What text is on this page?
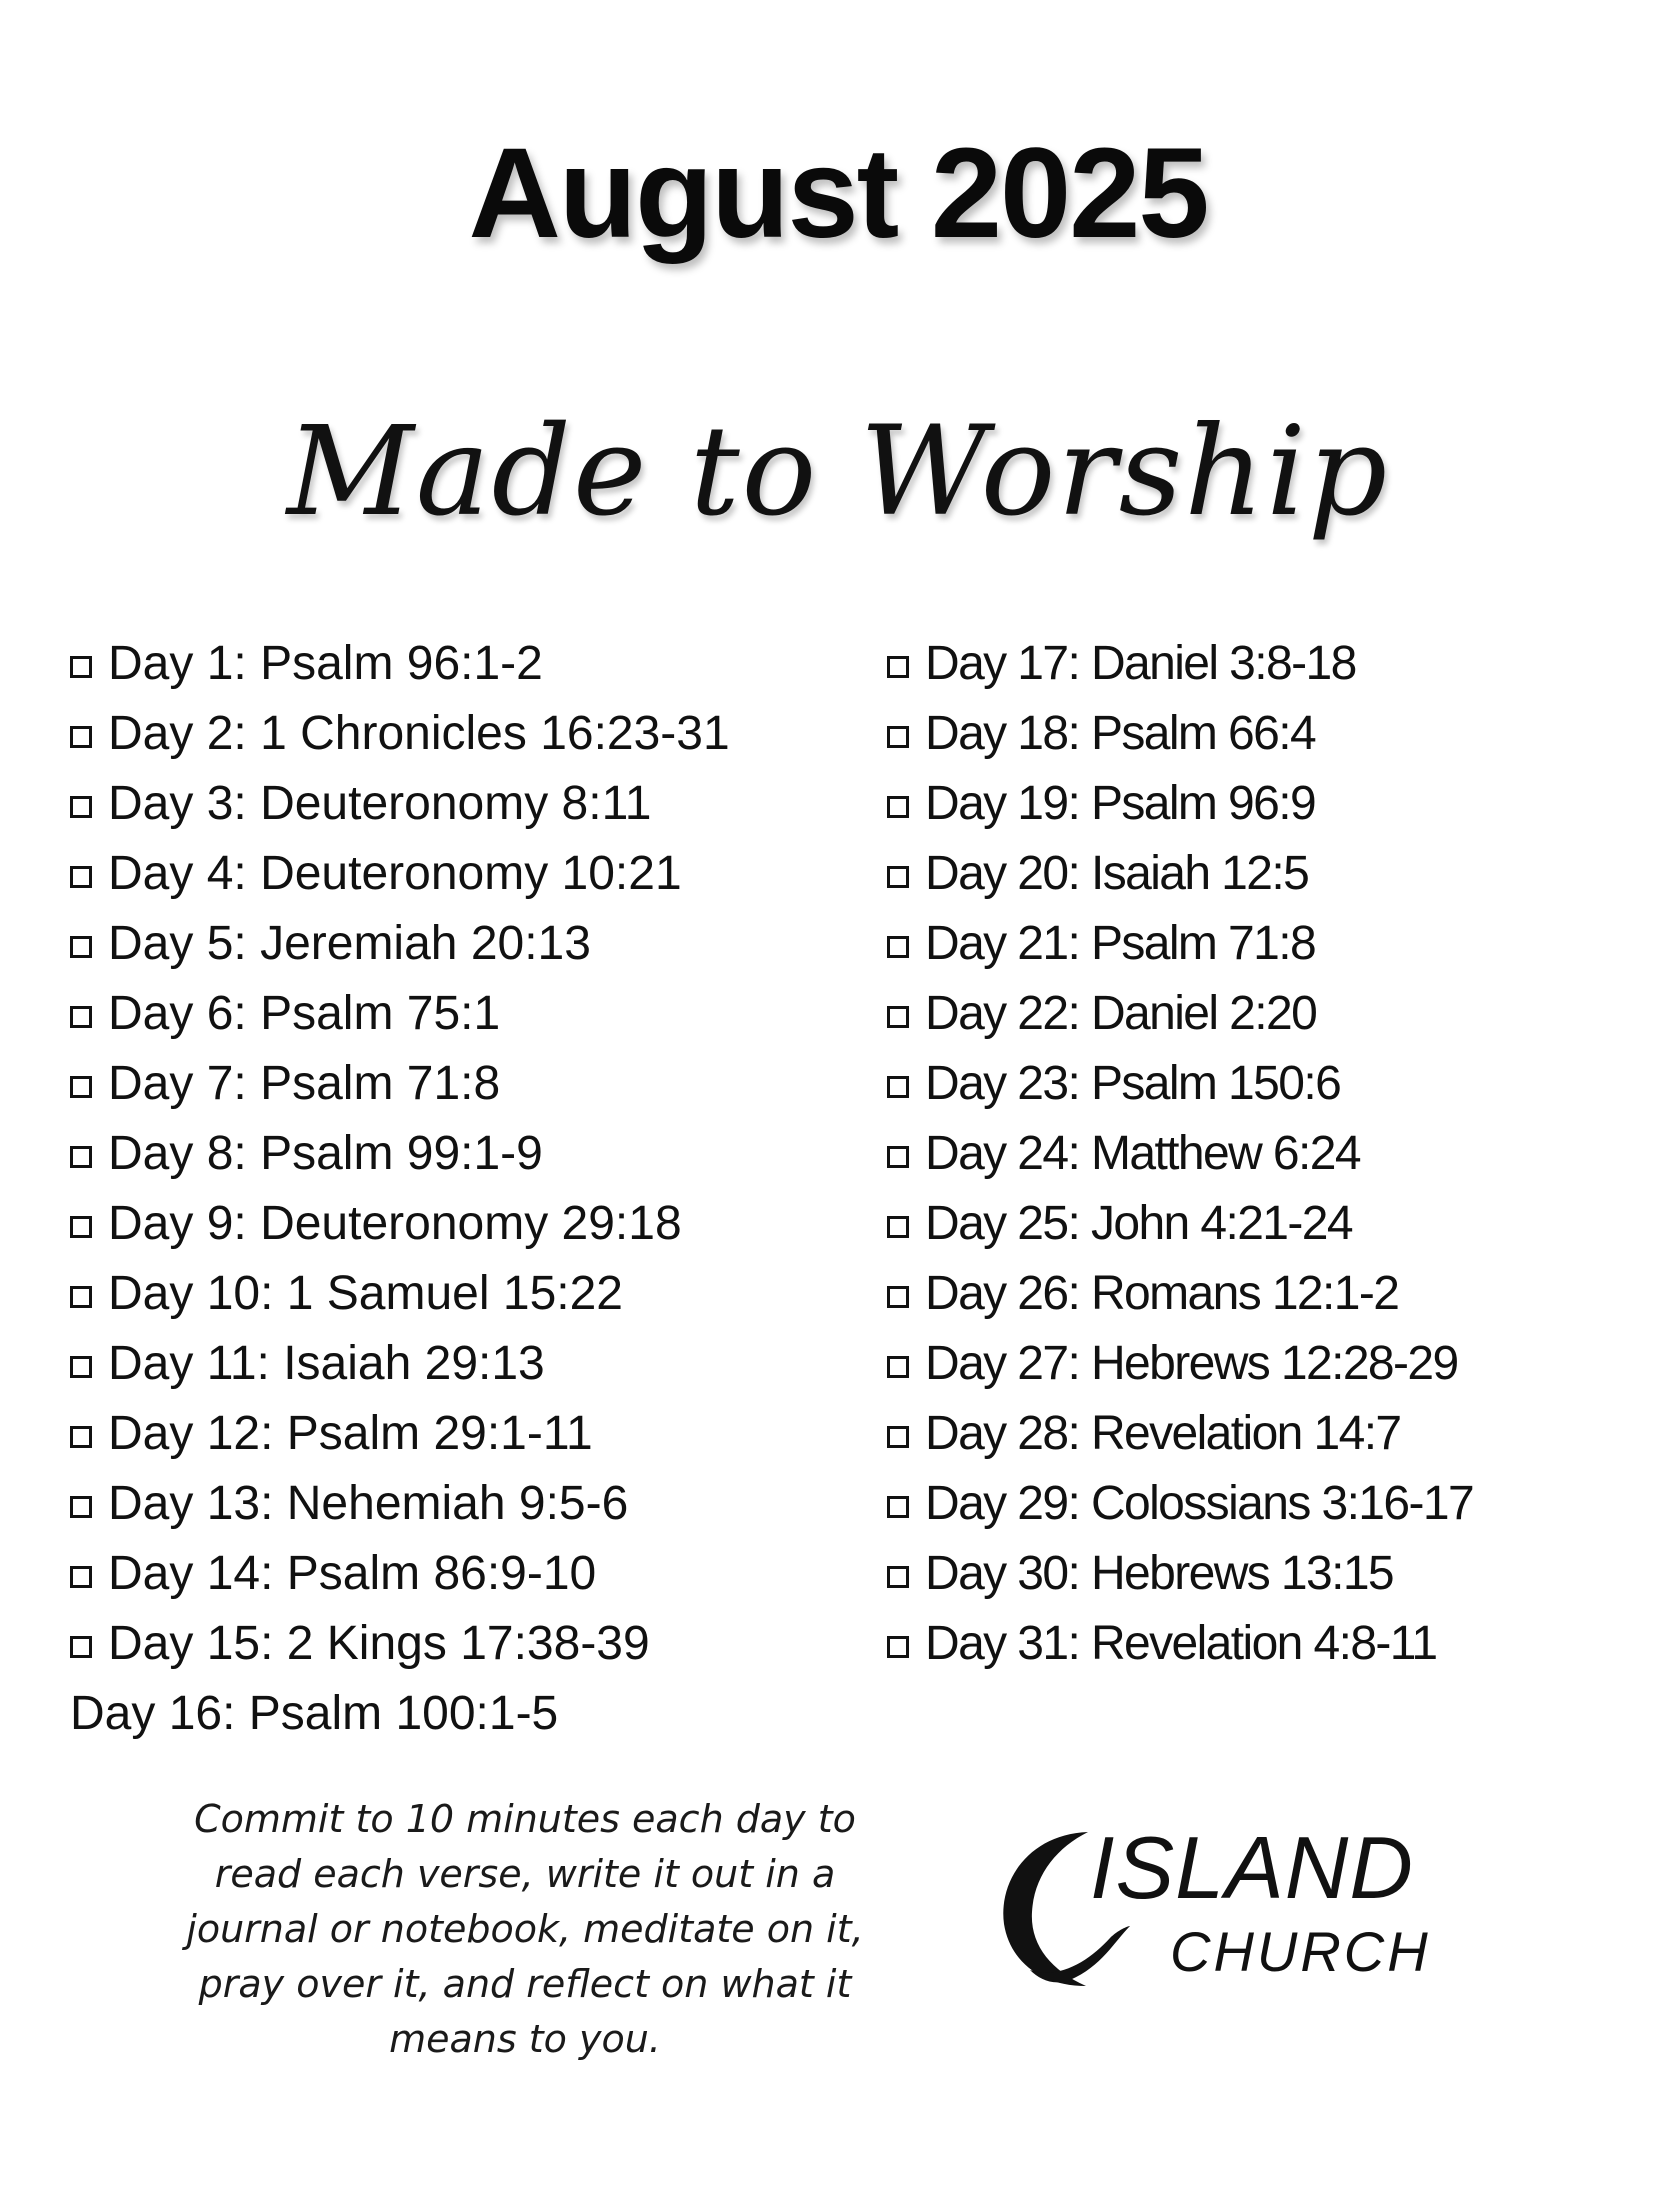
August 2025
Made to Worship
Day 1: Psalm 96:1-2
Day 2: 1 Chronicles 16:23-31
Day 3: Deuteronomy 8:11
Day 4: Deuteronomy 10:21
Day 5: Jeremiah 20:13
Day 6: Psalm 75:1
Day 7: Psalm 71:8
Day 8: Psalm 99:1-9
Day 9: Deuteronomy 29:18
Day 10: 1 Samuel 15:22
Day 11: Isaiah 29:13
Day 12: Psalm 29:1-11
Day 13: Nehemiah 9:5-6
Day 14: Psalm 86:9-10
Day 15: 2 Kings 17:38-39
Day 16: Psalm 100:1-5
Day 17: Daniel 3:8-18
Day 18: Psalm 66:4
Day 19: Psalm 96:9
Day 20: Isaiah 12:5
Day 21: Psalm 71:8
Day 22: Daniel 2:20
Day 23: Psalm 150:6
Day 24: Matthew 6:24
Day 25: John 4:21-24
Day 26: Romans 12:1-2
Day 27: Hebrews 12:28-29
Day 28: Revelation 14:7
Day 29: Colossians 3:16-17
Day 30: Hebrews 13:15
Day 31: Revelation 4:8-11
Commit to 10 minutes each day to read each verse, write it out in a journal or notebook, meditate on it, pray over it, and reflect on what it means to you.
ISLAND
CHURCH
